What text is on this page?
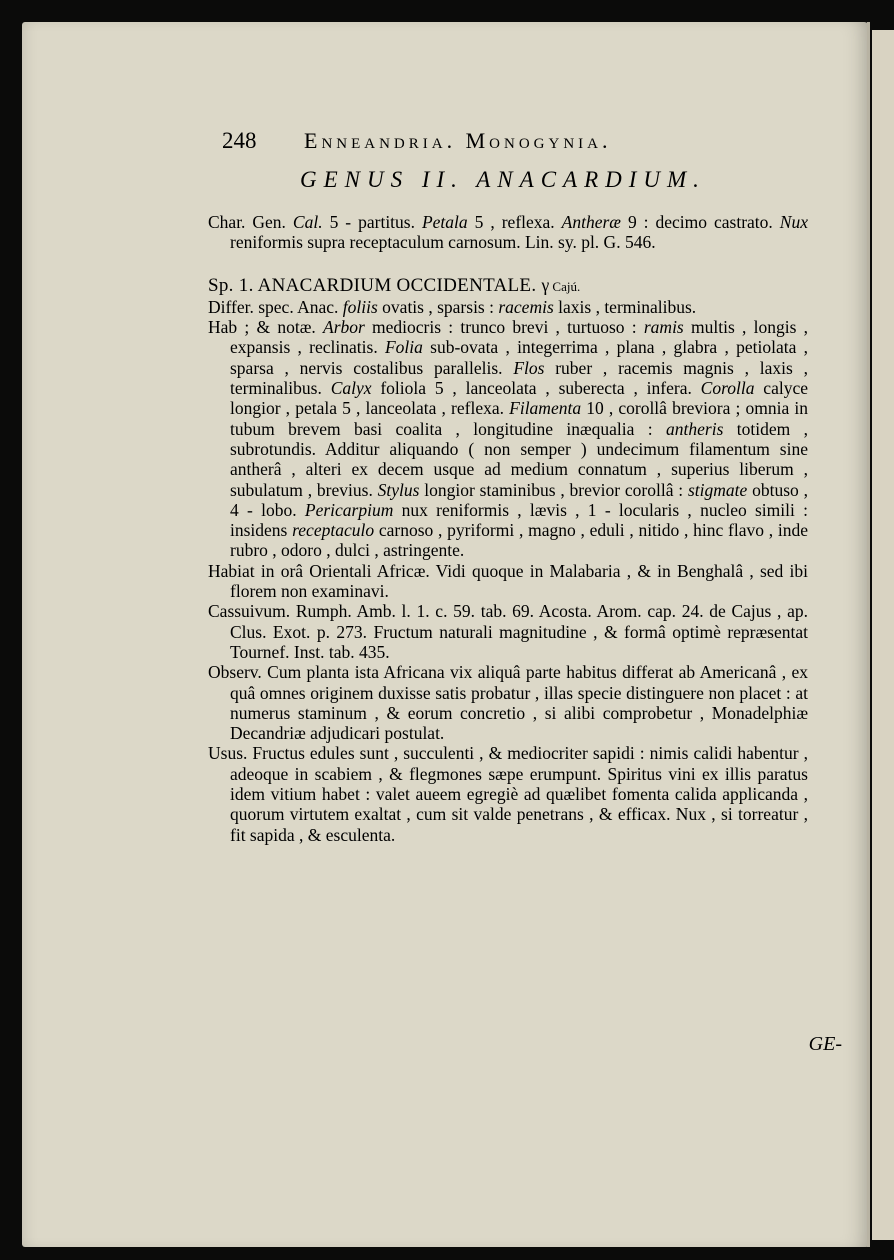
248 Enneandria. Monogynia.
GENUS II. ANACARDIUM.

Char. Gen. Cal. 5 - partitus. Petala 5 , reflexa. Antheræ 9 : decimo castrato. Nux reniformis supra receptaculum carnosum. Lin. sy. pl. G. 546.

Sp. 1. ANACARDIUM OCCIDENTALE. γ Cajú.

Differ. spec. Anac. foliis ovatis , sparsis : racemis laxis , terminalibus.

Hab ; & notæ. Arbor mediocris : trunco brevi , turtuoso : ramis multis , longis , expansis , reclinatis. Folia sub-ovata , integerrima , plana , glabra , petiolata , sparsa , nervis costalibus parallelis. Flos ruber , racemis magnis , laxis , terminalibus. Calyx foliola 5 , lanceolata , suberecta , infera. Corolla calyce longior , petala 5 , lanceolata , reflexa. Filamenta 10 , corollâ breviora ; omnia in tubum brevem basi coalita , longitudine inæqualia : antheris totidem , subrotundis. Additur aliquando ( non semper ) undecimum filamentum sine antherâ , alteri ex decem usque ad medium connatum , superius liberum , subulatum , brevius. Stylus longior staminibus , brevior corollâ : stigmate obtuso , 4 - lobo. Pericarpium nux reniformis , lævis , 1 - locularis , nucleo simili : insidens receptaculo carnoso , pyriformi , magno , eduli , nitido , hinc flavo , inde rubro , odoro , dulci , astringente.

Habiat in orâ Orientali Africæ. Vidi quoque in Malabaria , & in Benghalâ , sed ibi florem non examinavi.

Cassuivum. Rumph. Amb. l. 1. c. 59. tab. 69. Acosta. Arom. cap. 24. de Cajus , ap. Clus. Exot. p. 273. Fructum naturali magnitudine , & formâ optimè repræsentat Tournef. Inst. tab. 435.

Observ. Cum planta ista Africana vix aliquâ parte habitus differat ab Americanâ , ex quâ omnes originem duxisse satis probatur , illas specie distinguere non placet : at numerus staminum , & eorum concretio , si alibi comprobetur , Monadelphiæ Decandriæ adjudicari postulat.

Usus. Fructus edules sunt , succulenti , & mediocriter sapidi : nimis calidi habentur , adeoque in scabiem , & flegmones sæpe erumpunt. Spiritus vini ex illis paratus idem vitium habet : valet aueem egregiè ad quælibet fomenta calida applicanda , quorum virtutem exaltat , cum sit valde penetrans , & efficax. Nux , si torreatur , fit sapida , & esculenta.

GE-
